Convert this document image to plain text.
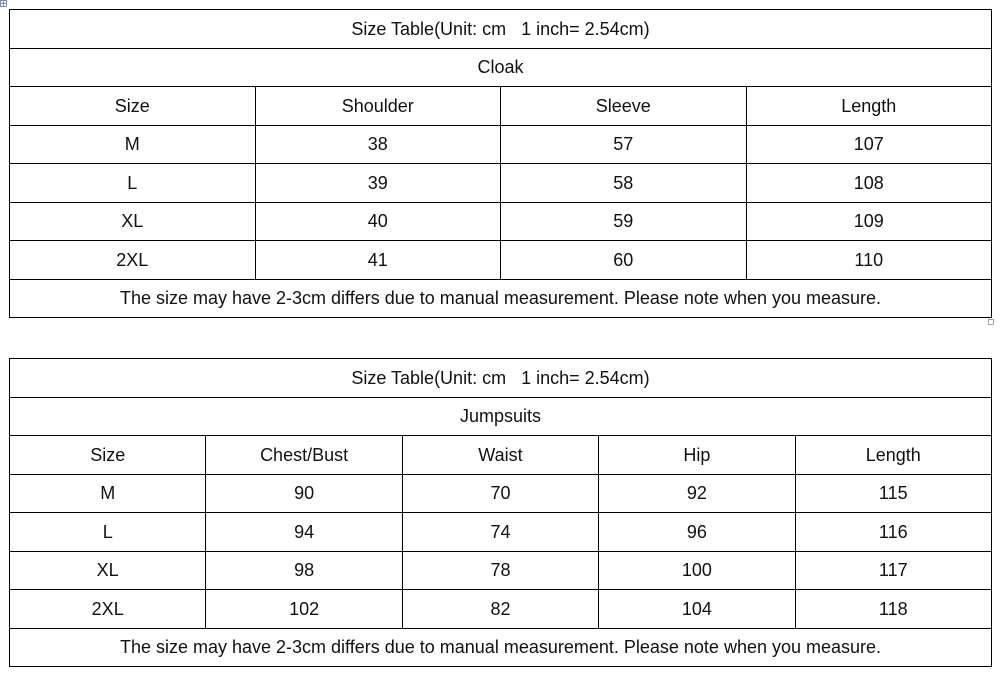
Size Table(Unit: cm   1 inch= 2.54cm)			
Cloak			
Size	Shoulder	Sleeve	Length
M	38	57	107
L	39	58	108
XL	40	59	109
2XL	41	60	110
The size may have 2-3cm differs due to manual measurement. Please note when you measure.			
Size Table(Unit: cm   1 inch= 2.54cm)				
Jumpsuits				
Size	Chest/Bust	Waist	Hip	Length
M	90	70	92	115
L	94	74	96	116
XL	98	78	100	117
2XL	102	82	104	118
The size may have 2-3cm differs due to manual measurement. Please note when you measure.				
